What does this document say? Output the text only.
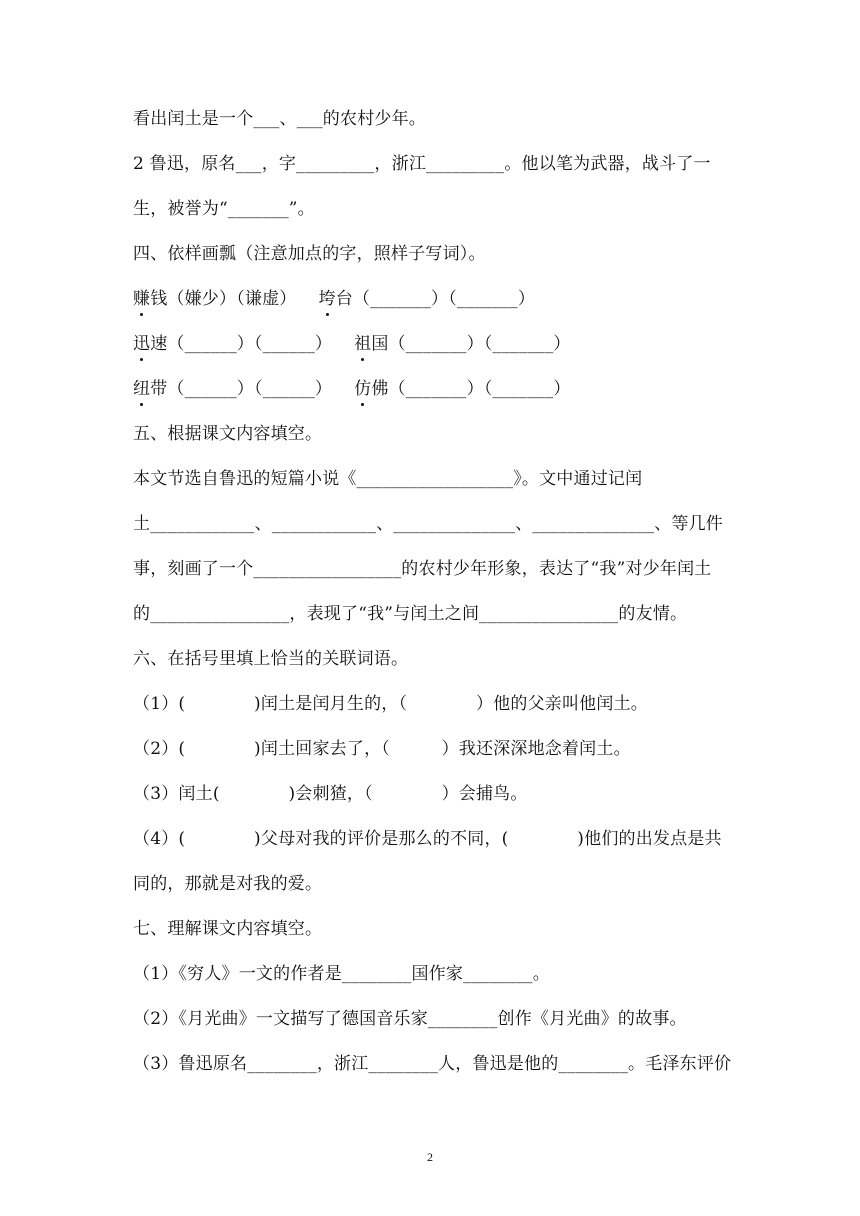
看出闰土是一个___、___的农村少年。
2 鲁迅，原名___，字_________，浙江_________。他以笔为武器，战斗了一
生，被誉为“_______”。
四、依样画瓢（注意加点的字，照样子写词）。
赚钱（嫌少）（谦虚） 垮台（_______）（_______）
迅速（______）（______） 祖国（_______）（_______）
纽带（______）（______） 仿佛（_______）（_______）
五、根据课文内容填空。
本文节选自鲁迅的短篇小说《__________________》。文中通过记闰
土____________、____________、______________、______________、等几件
事，刻画了一个_________________的农村少年形象，表达了“我”对少年闰土
的________________，表现了“我”与闰土之间________________的友情。
六、在括号里填上恰当的关联词语。
（1）(　　　　)闰土是闰月生的，（　　　　）他的父亲叫他闰土。
（2）(　　　　)闰土回家去了，（　　　）我还深深地念着闰土。
（3）闰土(　　　　)会刺猹，（　　　　）会捕鸟。
（4）(　　　　)父母对我的评价是那么的不同，(　　　　)他们的出发点是共
同的，那就是对我的爱。
七、理解课文内容填空。
（1）《穷人》一文的作者是________国作家________。
（2）《月光曲》一文描写了德国音乐家________创作《月光曲》的故事。
（3）鲁迅原名________，浙江________人，鲁迅是他的________。毛泽东评价
2
